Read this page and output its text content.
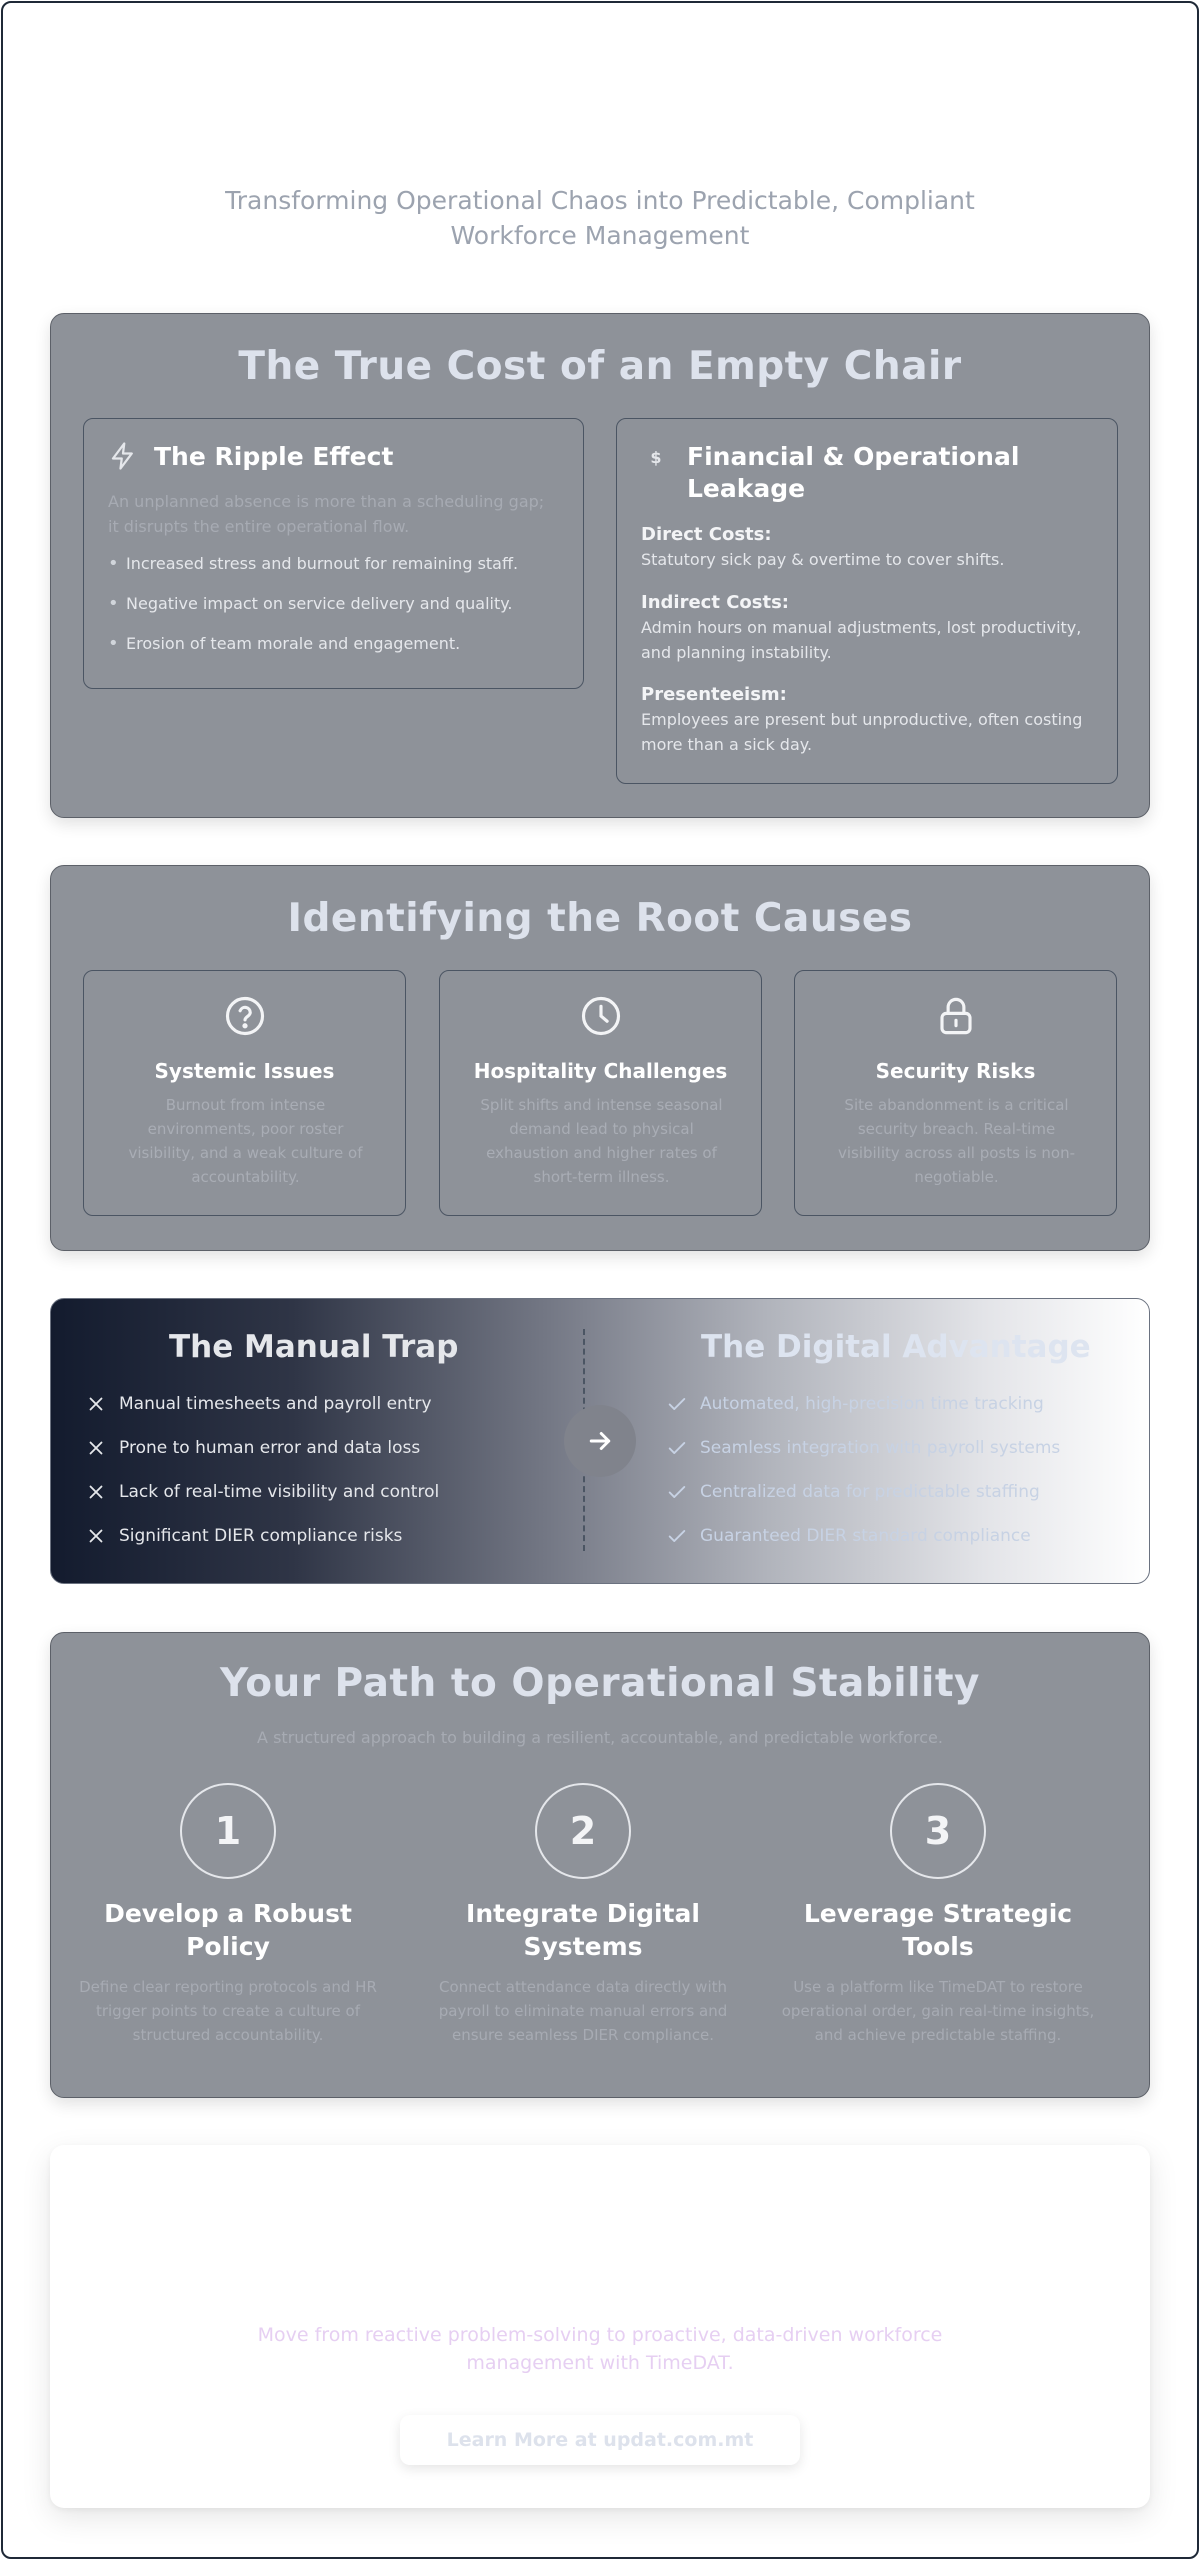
Transforming Operational Chaos into Predictable, Compliant Workforce Management

The True Cost of an Empty Chair
The Ripple Effect

An unplanned absence is more than a scheduling gap; it disrupts the entire operational flow.

• Increased stress and burnout for remaining staff.
• Negative impact on service delivery and quality.
• Erosion of team morale and engagement.
$ Financial & Operational Leakage
Direct Costs:
Statutory sick pay & overtime to cover shifts.
Indirect Costs:
Admin hours on manual adjustments, lost productivity, and planning instability.
Presenteeism:
Employees are present but unproductive, often costing more than a sick day.
Identifying the Root Causes
Systemic Issues
Burnout from intense environments, poor roster visibility, and a weak culture of accountability.
Hospitality Challenges
Split shifts and intense seasonal demand lead to physical exhaustion and higher rates of short-term illness.
Security Risks
Site abandonment is a critical security breach. Real-time visibility across all posts is non-negotiable.
The Manual Trap
Manual timesheets and payroll entry
Prone to human error and data loss
Lack of real-time visibility and control
Significant DIER compliance risks
The Digital Advantage
Automated, high-precision time tracking
Seamless integration with payroll systems
Centralized data for predictable staffing
Guaranteed DIER standard compliance
Your Path to Operational Stability

A structured approach to building a resilient, accountable, and predictable workforce.

1
Develop a Robust Policy
Define clear reporting protocols and HR trigger points to create a culture of structured accountability.
2
Integrate Digital Systems
Connect attendance data directly with payroll to eliminate manual errors and ensure seamless DIER compliance.
3
Leverage Strategic Tools
Use a platform like TimeDAT to restore operational order, gain real-time insights, and achieve predictable staffing.

Move from reactive problem-solving to proactive, data-driven workforce management with TimeDAT.

Learn More at updat.com.mt
